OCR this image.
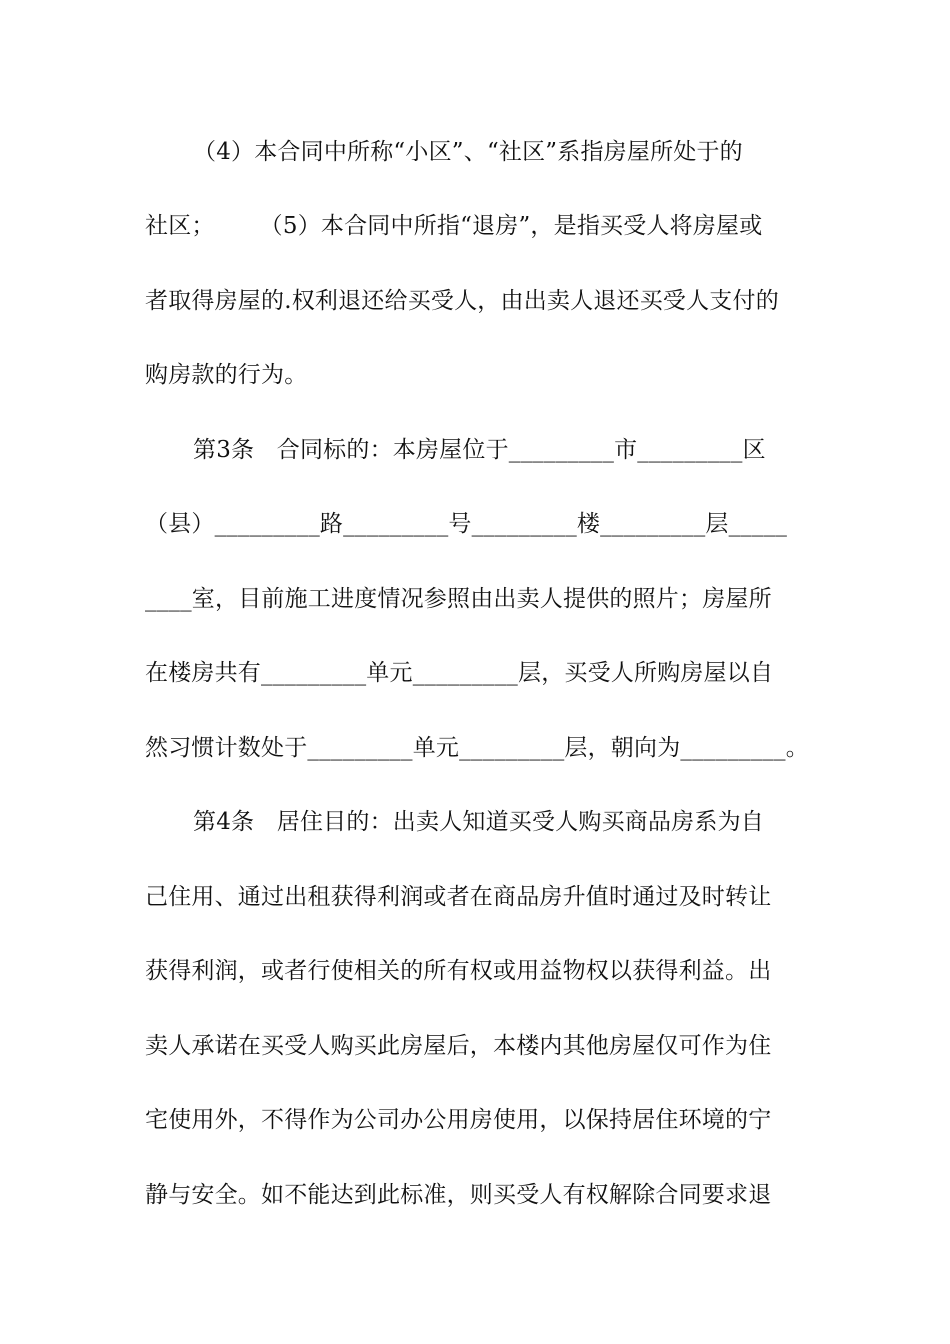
（4）本合同中所称“小区”、“社区”系指房屋所处于的
社区；      （5）本合同中所指“退房”，是指买受人将房屋或
者取得房屋的.权利退还给买受人，由出卖人退还买受人支付的
购房款的行为。
第3条   合同标的：本房屋位于_________市_________区
（县）_________路_________号_________楼_________层_____
____室，目前施工进度情况参照由出卖人提供的照片；房屋所
在楼房共有_________单元_________层，买受人所购房屋以自
然习惯计数处于_________单元_________层，朝向为_________。
第4条   居住目的：出卖人知道买受人购买商品房系为自
己住用、通过出租获得利润或者在商品房升值时通过及时转让
获得利润，或者行使相关的所有权或用益物权以获得利益。出
卖人承诺在买受人购买此房屋后，本楼内其他房屋仅可作为住
宅使用外，不得作为公司办公用房使用，以保持居住环境的宁
静与安全。如不能达到此标准，则买受人有权解除合同要求退
